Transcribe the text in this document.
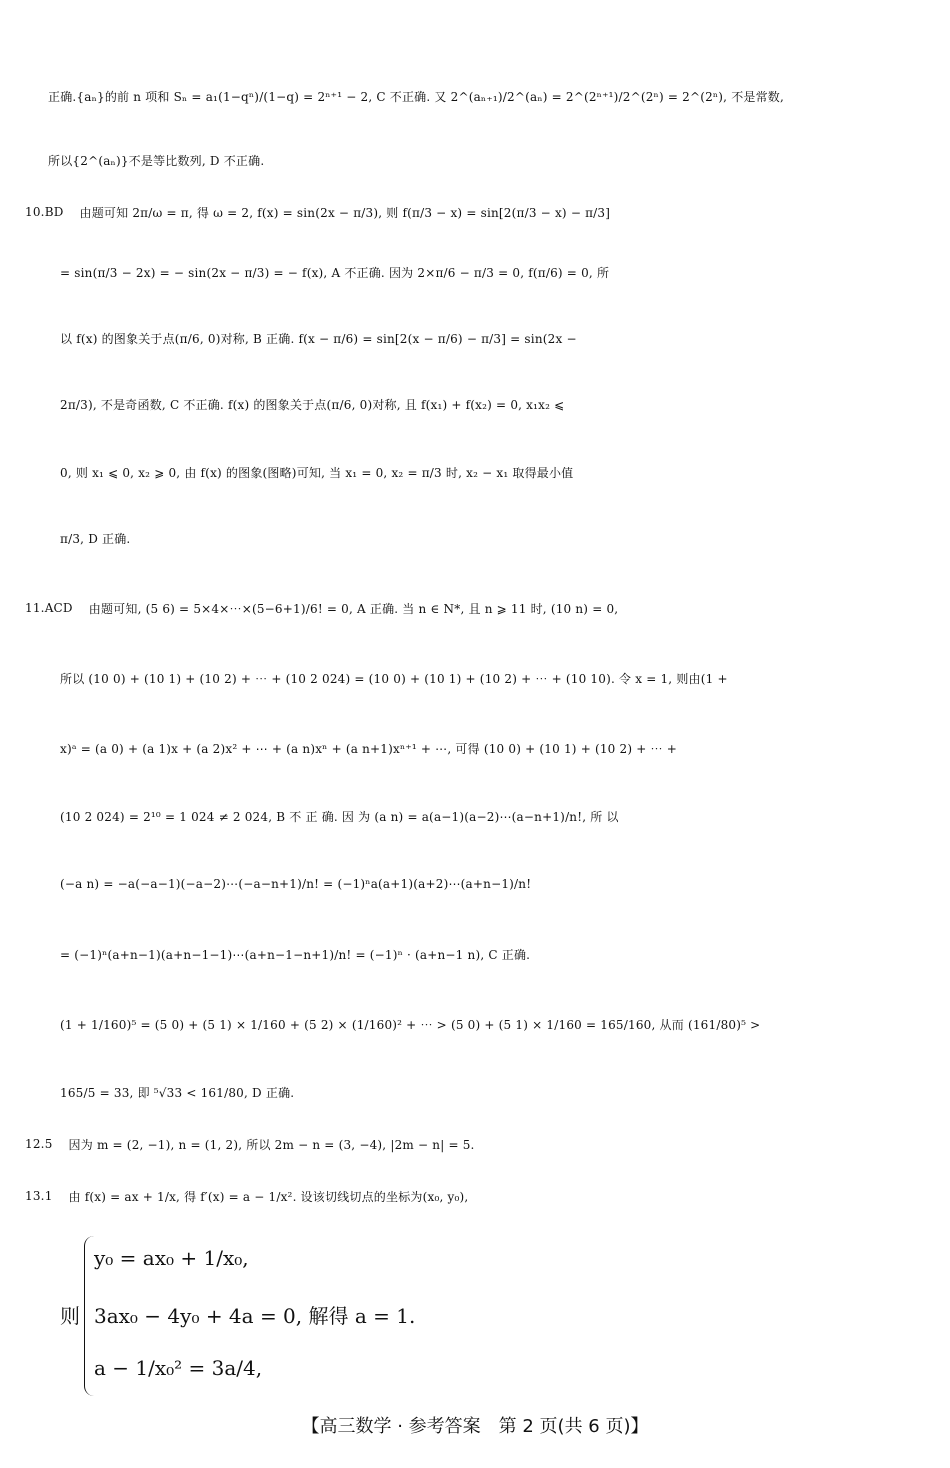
正确.{aₙ}的前 n 项和 Sₙ = a₁(1−qⁿ)/(1−q) = 2ⁿ⁺¹ − 2, C 不正确. 又 2^(aₙ₊₁)/2^(aₙ) = 2^(2ⁿ⁺¹)/2^(2ⁿ) = 2^(2ⁿ), 不是常数,
所以{2^(aₙ)}不是等比数列, D 不正确.
10. BD 由题可知 2π/ω = π, 得 ω = 2, f(x) = sin(2x − π/3), 则 f(π/3 − x) = sin[2(π/3 − x) − π/3]
= sin(π/3 − 2x) = − sin(2x − π/3) = − f(x), A 不正确. 因为 2×π/6 − π/3 = 0, f(π/6) = 0, 所
以 f(x) 的图象关于点(π/6, 0)对称, B 正确. f(x − π/6) = sin[2(x − π/6) − π/3] = sin(2x −
2π/3), 不是奇函数, C 不正确. f(x) 的图象关于点(π/6, 0)对称, 且 f(x₁) + f(x₂) = 0, x₁x₂ ⩽
0, 则 x₁ ⩽ 0, x₂ ⩾ 0, 由 f(x) 的图象(图略)可知, 当 x₁ = 0, x₂ = π/3 时, x₂ − x₁ 取得最小值
π/3, D 正确.
11. ACD 由题可知, (5 6) = 5×4×⋯×(5−6+1)/6! = 0, A 正确. 当 n ∈ N*, 且 n ⩾ 11 时, (10 n) = 0,
所以 (10 0) + (10 1) + (10 2) + ⋯ + (10 2 024) = (10 0) + (10 1) + (10 2) + ⋯ + (10 10). 令 x = 1, 则由(1 +
x)ᵃ = (a 0) + (a 1)x + (a 2)x² + ⋯ + (a n)xⁿ + (a n+1)xⁿ⁺¹ + ⋯, 可得 (10 0) + (10 1) + (10 2) + ⋯ +
(10 2 024) = 2¹⁰ = 1 024 ≠ 2 024, B 不 正 确. 因 为 (a n) = a(a−1)(a−2)⋯(a−n+1)/n!, 所 以
(−a n) = −a(−a−1)(−a−2)⋯(−a−n+1)/n! = (−1)ⁿa(a+1)(a+2)⋯(a+n−1)/n!
= (−1)ⁿ(a+n−1)(a+n−1−1)⋯(a+n−1−n+1)/n! = (−1)ⁿ · (a+n−1 n), C 正确.
(1 + 1/160)⁵ = (5 0) + (5 1) × 1/160 + (5 2) × (1/160)² + ⋯ > (5 0) + (5 1) × 1/160 = 165/160, 从而 (161/80)⁵ >
165/5 = 33, 即 ⁵√33 < 161/80, D 正确.
12. 5 因为 m = (2, −1), n = (1, 2), 所以 2m − n = (3, −4), |2m − n| = 5.
13. 1 由 f(x) = ax + 1/x, 得 f′(x) = a − 1/x². 设该切线切点的坐标为(x₀, y₀),
则
y₀ = ax₀ + 1/x₀,
3ax₀ − 4y₀ + 4a = 0, 解得 a = 1.
a − 1/x₀² = 3a/4,
【高三数学 · 参考答案　第 2 页(共 6 页)】
